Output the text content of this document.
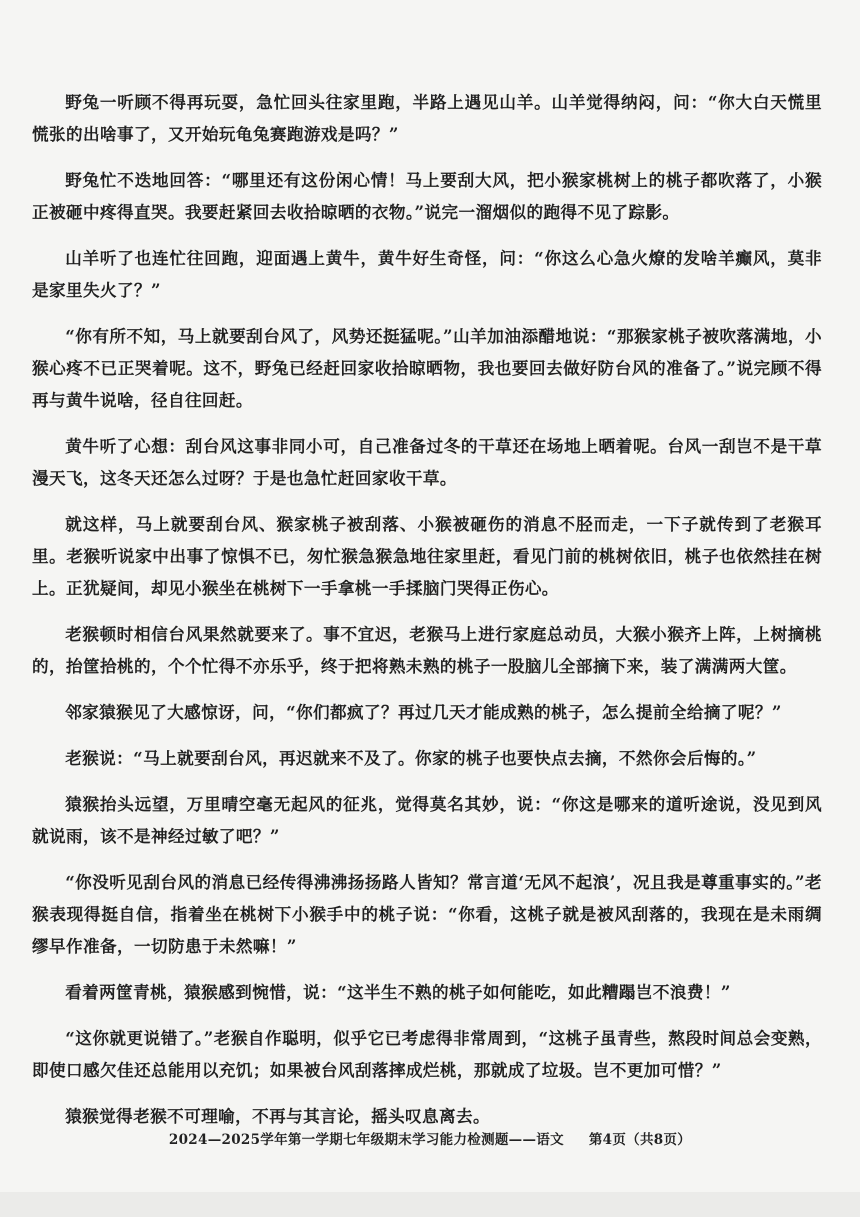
野兔一听顾不得再玩耍，急忙回头往家里跑，半路上遇见山羊。山羊觉得纳闷，问：“你大白天慌里慌张的出啥事了，又开始玩龟兔赛跑游戏是吗？”

野兔忙不迭地回答：“哪里还有这份闲心情！马上要刮大风，把小猴家桃树上的桃子都吹落了，小猴正被砸中疼得直哭。我要赶紧回去收拾晾晒的衣物。”说完一溜烟似的跑得不见了踪影。

山羊听了也连忙往回跑，迎面遇上黄牛，黄牛好生奇怪，问：“你这么心急火燎的发啥羊癫风，莫非是家里失火了？”

“你有所不知，马上就要刮台风了，风势还挺猛呢。”山羊加油添醋地说：“那猴家桃子被吹落满地，小猴心疼不已正哭着呢。这不，野兔已经赶回家收拾晾晒物，我也要回去做好防台风的准备了。”说完顾不得再与黄牛说啥，径自往回赶。

黄牛听了心想：刮台风这事非同小可，自己准备过冬的干草还在场地上晒着呢。台风一刮岂不是干草漫天飞，这冬天还怎么过呀？于是也急忙赶回家收干草。

就这样，马上就要刮台风、猴家桃子被刮落、小猴被砸伤的消息不胫而走，一下子就传到了老猴耳里。老猴听说家中出事了惊惧不已，匆忙猴急猴急地往家里赶，看见门前的桃树依旧，桃子也依然挂在树上。正犹疑间，却见小猴坐在桃树下一手拿桃一手揉脑门哭得正伤心。

老猴顿时相信台风果然就要来了。事不宜迟，老猴马上进行家庭总动员，大猴小猴齐上阵，上树摘桃的，抬筐拾桃的，个个忙得不亦乐乎，终于把将熟未熟的桃子一股脑儿全部摘下来，装了满满两大筐。

邻家猿猴见了大感惊讶，问，“你们都疯了？再过几天才能成熟的桃子，怎么提前全给摘了呢？”

老猴说：“马上就要刮台风，再迟就来不及了。你家的桃子也要快点去摘，不然你会后悔的。”

猿猴抬头远望，万里晴空毫无起风的征兆，觉得莫名其妙，说：“你这是哪来的道听途说，没见到风就说雨，该不是神经过敏了吧？”

“你没听见刮台风的消息已经传得沸沸扬扬路人皆知？常言道‘无风不起浪’，况且我是尊重事实的。”老猴表现得挺自信，指着坐在桃树下小猴手中的桃子说：“你看，这桃子就是被风刮落的，我现在是未雨绸缪早作准备，一切防患于未然嘛！”

看着两筐青桃，猿猴感到惋惜，说：“这半生不熟的桃子如何能吃，如此糟蹋岂不浪费！”

“这你就更说错了。”老猴自作聪明，似乎它已考虑得非常周到，“这桃子虽青些，熬段时间总会变熟，即使口感欠佳还总能用以充饥；如果被台风刮落摔成烂桃，那就成了垃圾。岂不更加可惜？”

猿猴觉得老猴不可理喻，不再与其言论，摇头叹息离去。

2024—2025学年第一学期七年级期末学习能力检测题——语文 第4页（共8页）
